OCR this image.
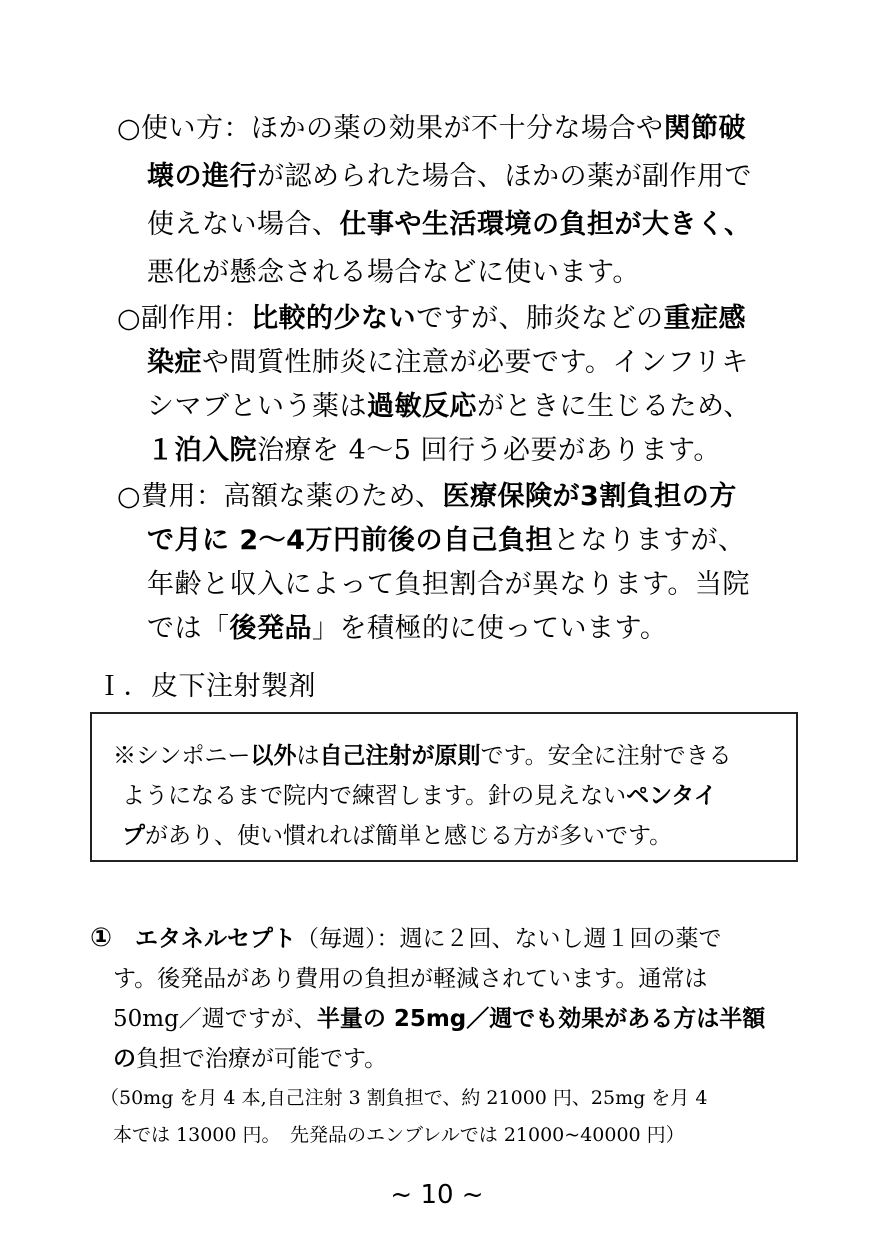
○使い方：ほかの薬の効果が不十分な場合や関節破
壊の進行が認められた場合、ほかの薬が副作用で
使えない場合、仕事や生活環境の負担が大きく、
悪化が懸念される場合などに使います。
○副作用：比較的少ないですが、肺炎などの重症感
染症や間質性肺炎に注意が必要です。インフリキ
シマブという薬は過敏反応がときに生じるため、
１泊入院治療を 4～5 回行う必要があります。
○費用：高額な薬のため、医療保険が3割負担の方
で月に 2～4万円前後の自己負担となりますが、
年齢と収入によって負担割合が異なります。当院
では「後発品」を積極的に使っています。
Ｉ．皮下注射製剤
※シンポニー以外は自己注射が原則です。安全に注射できる
ようになるまで院内で練習します。針の見えないペンタイ
プがあり、使い慣れれば簡単と感じる方が多いです。
①  エタネルセプト（毎週）：週に２回、ないし週１回の薬で
す。後発品があり費用の負担が軽減されています。通常は
50mg／週ですが、半量の 25mg／週でも効果がある方は半額
の負担で治療が可能です。
（50mg を月 4 本,自己注射 3 割負担で、約 21000 円、25mg を月 4
本では 13000 円。　先発品のエンブレルでは 21000~40000 円）
~ 10 ~
